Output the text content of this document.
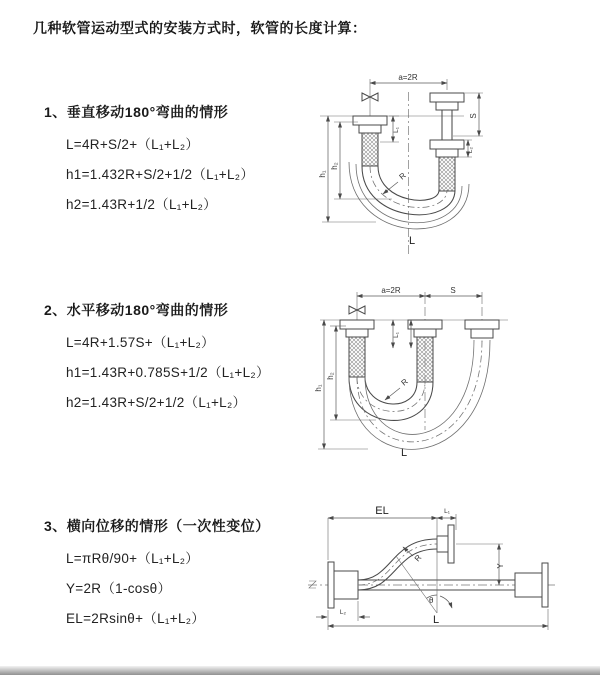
几种软管运动型式的安装方式时，软管的长度计算：
1、垂直移动180°弯曲的情形
L=4R+S/2+（L₁+L₂）
h1=1.432R+S/2+1/2（L₁+L₂）
h2=1.43R+1/2（L₁+L₂）
2、水平移动180°弯曲的情形
L=4R+1.57S+（L₁+L₂）
h1=1.43R+0.785S+1/2（L₁+L₂）
h2=1.43R+S/2+1/2（L₁+L₂）
3、横向位移的情形（一次性变位）
L=πRθ/90+（L₁+L₂）
Y=2R（1-cosθ）
EL=2Rsinθ+（L₁+L₂）
a=2R
R
h₁
h₂
L₁
S
L₂
L
a=2R	S
R
h₁
h₂
L₁
L
EL	L₁
Y
θ
R
L
L₂
